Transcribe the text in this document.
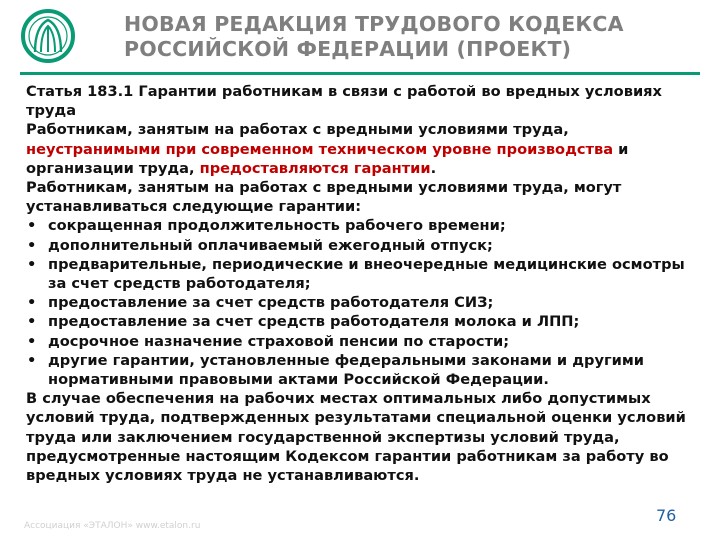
НОВАЯ РЕДАКЦИЯ ТРУДОВОГО КОДЕКСА
РОССИЙСКОЙ ФЕДЕРАЦИИ (ПРОЕКТ)

Статья 183.1 Гарантии работникам в связи с работой во вредных условиях труда

Работникам, занятым на работах с вредными условиями труда, неустранимыми при современном техническом уровне производства и организации труда, предоставляются гарантии.

Работникам, занятым на работах с вредными условиями труда, могут устанавливаться следующие гарантии:

• сокращенная продолжительность рабочего времени;
• дополнительный оплачиваемый ежегодный отпуск;
• предварительные, периодические и внеочередные медицинские осмотры за счет средств работодателя;
• предоставление за счет средств работодателя СИЗ;
• предоставление за счет средств работодателя молока и ЛПП;
• досрочное назначение страховой пенсии по старости;
• другие гарантии, установленные федеральными законами и другими нормативными правовыми актами Российской Федерации.

В случае обеспечения на рабочих местах оптимальных либо допустимых условий труда, подтвержденных результатами специальной оценки условий труда или заключением государственной экспертизы условий труда, предусмотренные настоящим Кодексом гарантии работникам за работу во вредных условиях труда не устанавливаются.

Ассоциация «ЭТАЛОН» www.etalon.ru
76
